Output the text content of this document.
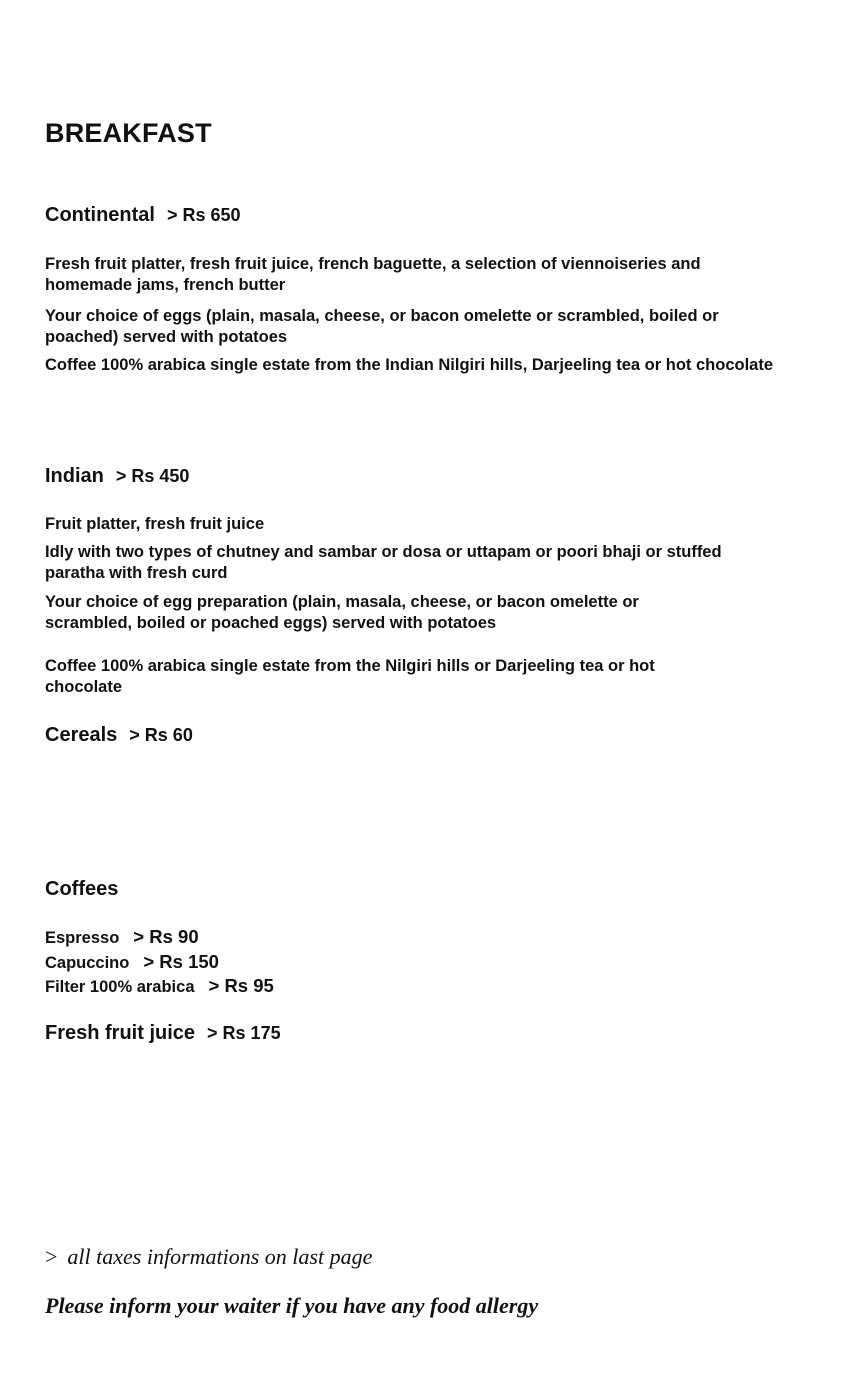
BREAKFAST
Continental > Rs 650

Fresh fruit platter, fresh fruit juice, french baguette, a selection of viennoiseries and homemade jams, french butter

Your choice of eggs (plain, masala, cheese, or bacon omelette or scrambled, boiled or poached) served with potatoes

Coffee 100% arabica single estate from the Indian Nilgiri hills, Darjeeling tea or hot chocolate

Indian > Rs 450

Fruit platter, fresh fruit juice

Idly with two types of chutney and sambar or dosa or uttapam or poori bhaji or stuffed paratha with fresh curd

Your choice of egg preparation (plain, masala, cheese, or bacon omelette or scrambled, boiled or poached eggs) served with potatoes

Coffee 100% arabica single estate from the Nilgiri hills or Darjeeling tea or hot chocolate

Cereals > Rs 60
Coffees
Espresso > Rs 90
Capuccino > Rs 150
Filter 100% arabica > Rs 95
Fresh fruit juice > Rs 175
> all taxes informations on last page
Please inform your waiter if you have any food allergy
